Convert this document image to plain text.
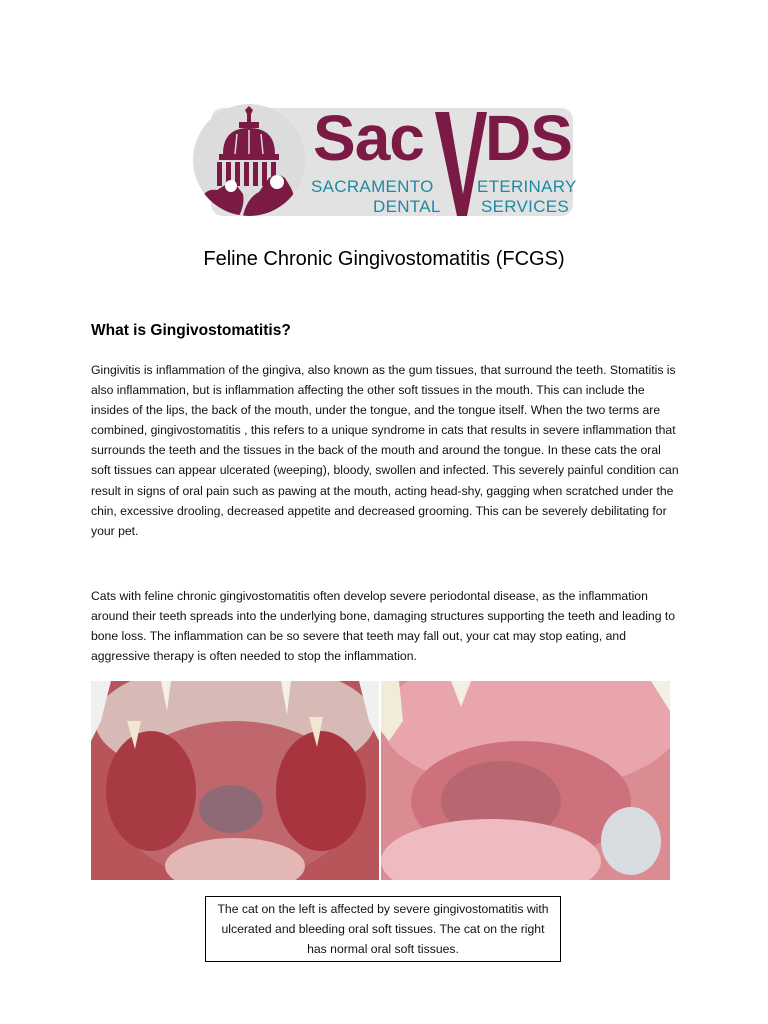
Sac DS
SACRAMENTO	ETERINARY
DENTAL SERVICES
Feline Chronic Gingivostomatitis (FCGS)
What is Gingivostomatitis?

Gingivitis is inflammation of the gingiva, also known as the gum tissues, that surround the teeth. Stomatitis is also inflammation, but is inflammation affecting the other soft tissues in the mouth. This can include the insides of the lips, the back of the mouth, under the tongue, and the tongue itself. When the two terms are combined, gingivostomatitis , this refers to a unique syndrome in cats that results in severe inflammation that surrounds the teeth and the tissues in the back of the mouth and around the tongue. In these cats the oral soft tissues can appear ulcerated (weeping), bloody, swollen and infected. This severely painful condition can result in signs of oral pain such as pawing at the mouth, acting head-shy, gagging when scratched under the chin, excessive drooling, decreased appetite and decreased grooming. This can be severely debilitating for your pet.

Cats with feline chronic gingivostomatitis often develop severe periodontal disease, as the inflammation around their teeth spreads into the underlying bone, damaging structures supporting the teeth and leading to bone loss. The inflammation can be so severe that teeth may fall out, your cat may stop eating, and aggressive therapy is often needed to stop the inflammation.

The cat on the left is affected by severe gingivostomatitis with ulcerated and bleeding oral soft tissues. The cat on the right has normal oral soft tissues.
